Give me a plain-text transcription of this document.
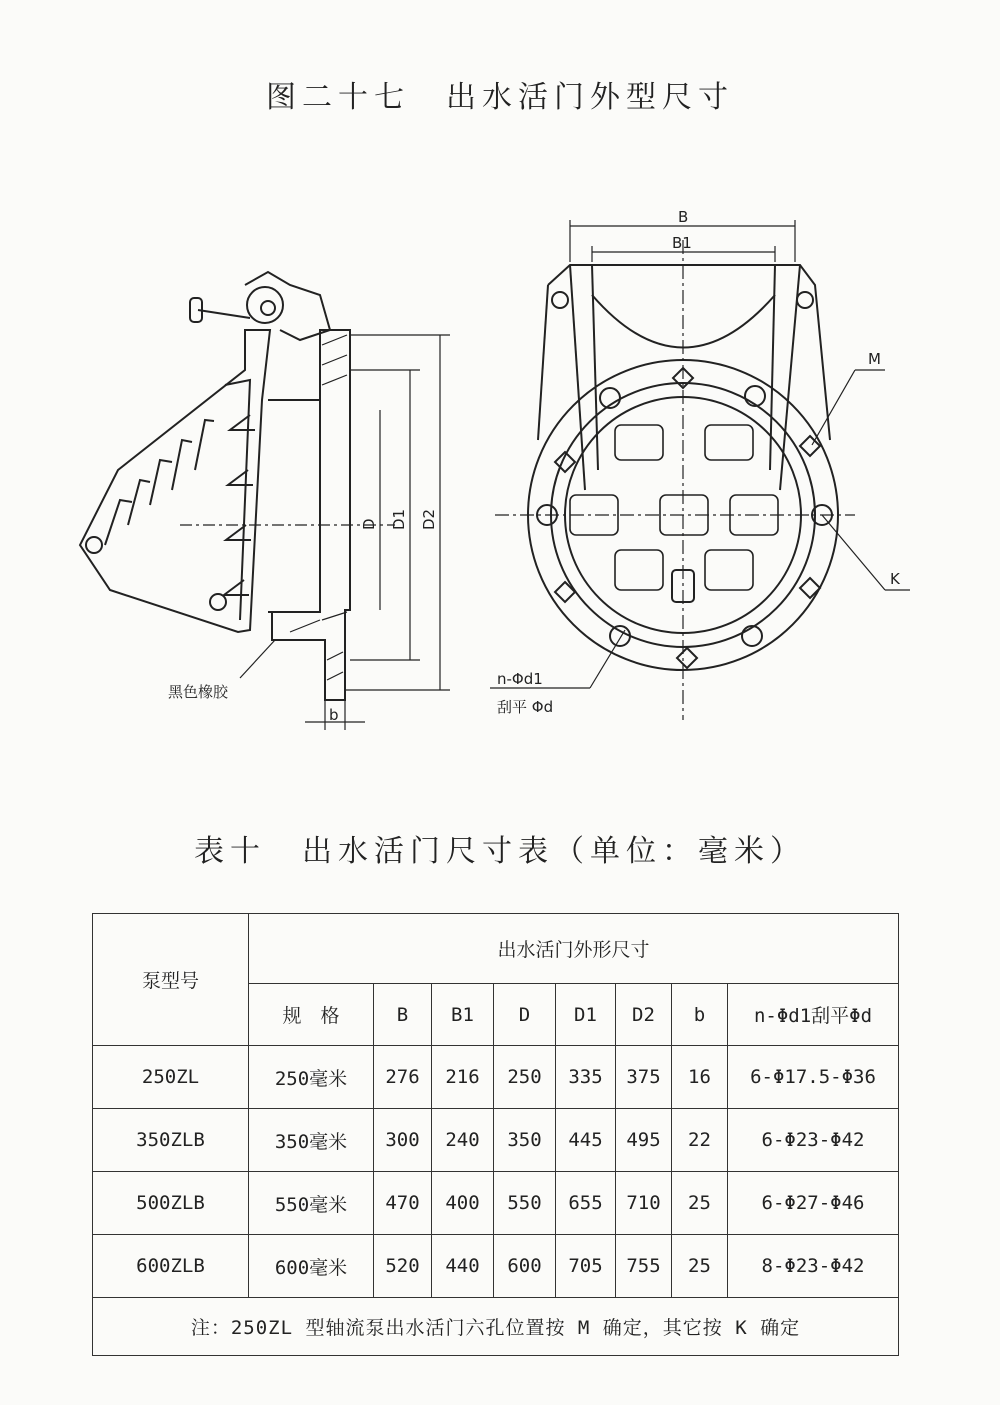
图二十七　出水活门外型尺寸
B
B1
D D1 D2
b
M
K
n-Φd1
刮平 Φd
黑色橡胶
表十　出水活门尺寸表（单位：毫米）
泵型号	出水活门外形尺寸							
	规　格	B	B1	D	D1	D2	b	n-Φd1刮平Φd
250ZL	250毫米	276	216	250	335	375	16	6-Φ17.5-Φ36
350ZLB	350毫米	300	240	350	445	495	22	6-Φ23-Φ42
500ZLB	550毫米	470	400	550	655	710	25	6-Φ27-Φ46
600ZLB	600毫米	520	440	600	705	755	25	8-Φ23-Φ42
注：250ZL 型轴流泵出水活门六孔位置按 M 确定，其它按 K 确定								
